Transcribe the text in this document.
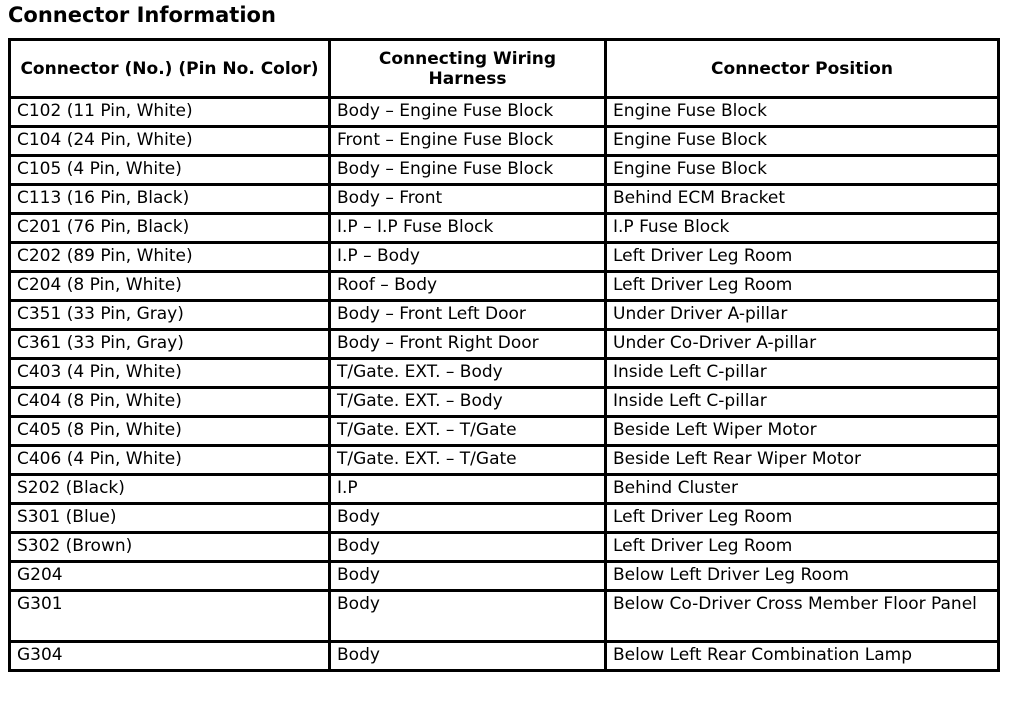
Connector Information
Connector (No.) (Pin No. Color)	Connecting Wiring Harness	Connector Position
C102 (11 Pin, White)	Body – Engine Fuse Block	Engine Fuse Block
C104 (24 Pin, White)	Front – Engine Fuse Block	Engine Fuse Block
C105 (4 Pin, White)	Body – Engine Fuse Block	Engine Fuse Block
C113 (16 Pin, Black)	Body – Front	Behind ECM Bracket
C201 (76 Pin, Black)	I.P – I.P Fuse Block	I.P Fuse Block
C202 (89 Pin, White)	I.P – Body	Left Driver Leg Room
C204 (8 Pin, White)	Roof – Body	Left Driver Leg Room
C351 (33 Pin, Gray)	Body – Front Left Door	Under Driver A-pillar
C361 (33 Pin, Gray)	Body – Front Right Door	Under Co-Driver A-pillar
C403 (4 Pin, White)	T/Gate. EXT. – Body	Inside Left C-pillar
C404 (8 Pin, White)	T/Gate. EXT. – Body	Inside Left C-pillar
C405 (8 Pin, White)	T/Gate. EXT. – T/Gate	Beside Left Wiper Motor
C406 (4 Pin, White)	T/Gate. EXT. – T/Gate	Beside Left Rear Wiper Motor
S202 (Black)	I.P	Behind Cluster
S301 (Blue)	Body	Left Driver Leg Room
S302 (Brown)	Body	Left Driver Leg Room
G204	Body	Below Left Driver Leg Room
G301	Body	Below Co-Driver Cross Member Floor Panel
G304	Body	Below Left Rear Combination Lamp
